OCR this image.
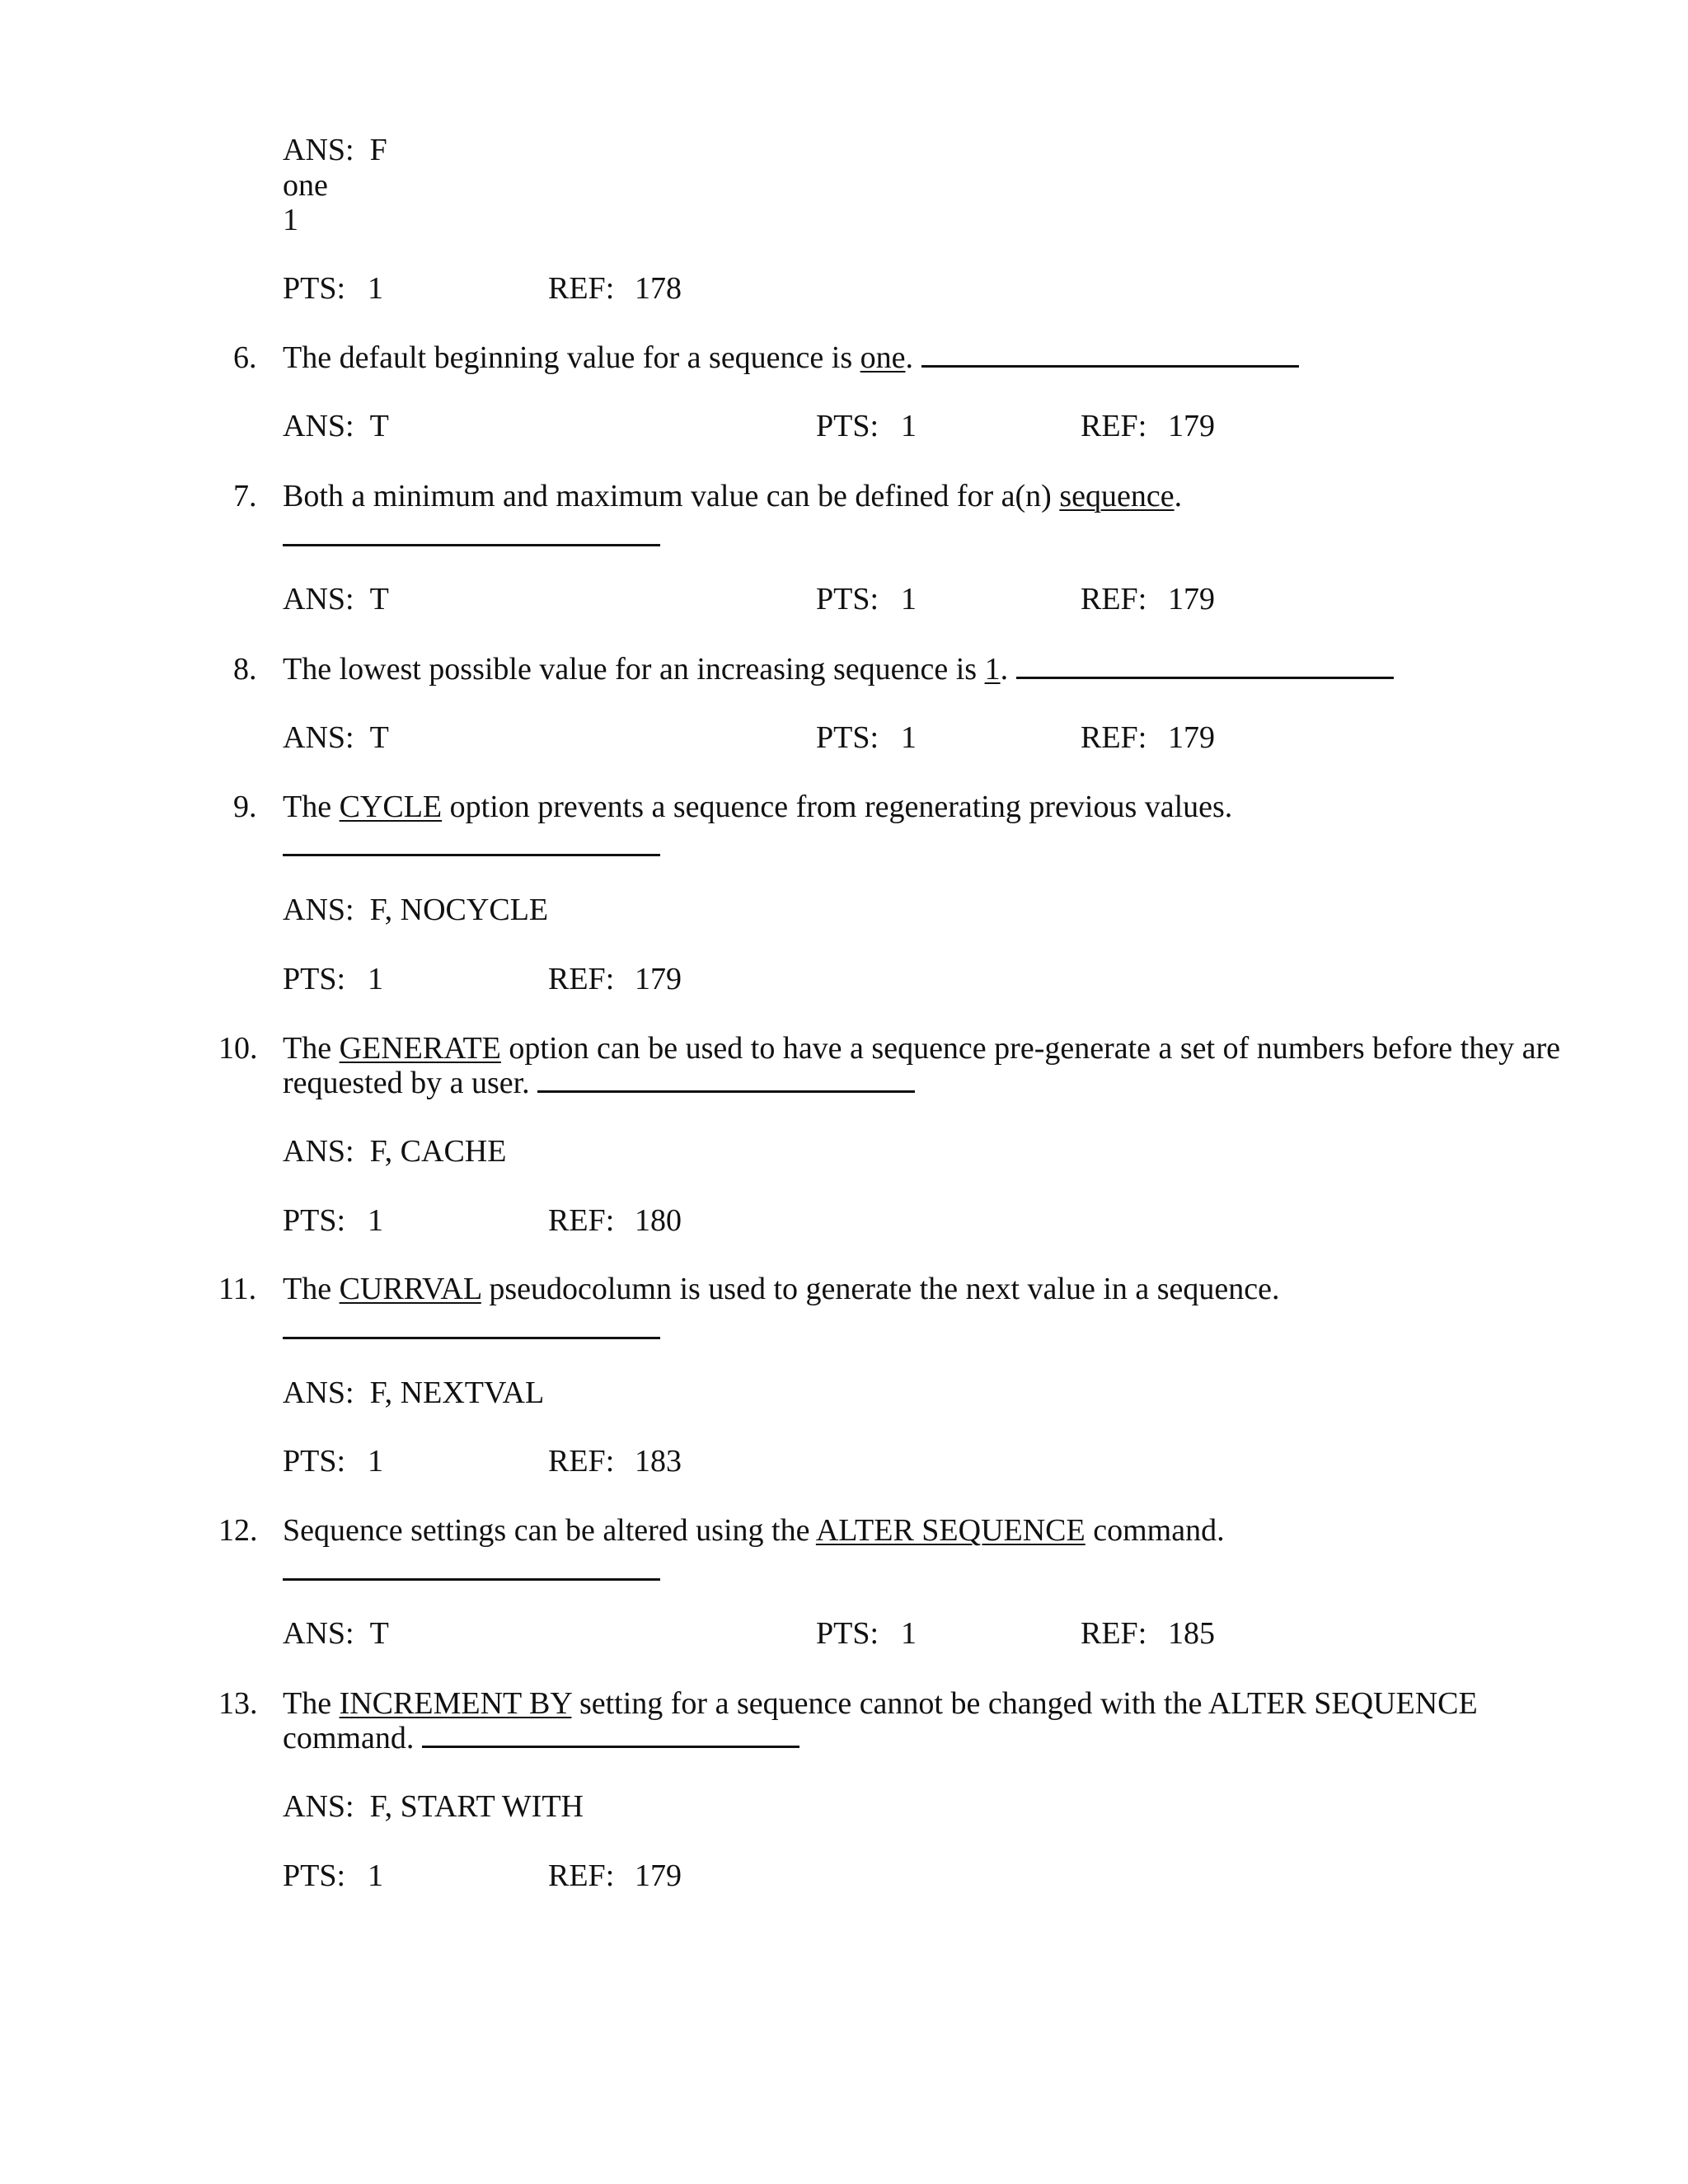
ANS: F
one
1
PTS: 1	REF: 178
6. The default beginning value for a sequence is one.
ANS: T	PTS: 1	REF: 179
7. Both a minimum and maximum value can be defined for a(n) sequence.
ANS: T	PTS: 1	REF: 179
8. The lowest possible value for an increasing sequence is 1.
ANS: T	PTS: 1	REF: 179
9. The CYCLE option prevents a sequence from regenerating previous values.
ANS: F, NOCYCLE
PTS: 1	REF: 179
10. The GENERATE option can be used to have a sequence pre-generate a set of numbers before they are
requested by a user.
ANS: F, CACHE
PTS: 1	REF: 180
11. The CURRVAL pseudocolumn is used to generate the next value in a sequence.
ANS: F, NEXTVAL
PTS: 1	REF: 183
12. Sequence settings can be altered using the ALTER SEQUENCE command.
ANS: T	PTS: 1	REF: 185
13. The INCREMENT BY setting for a sequence cannot be changed with the ALTER SEQUENCE
command.
ANS: F, START WITH
PTS: 1	REF: 179
